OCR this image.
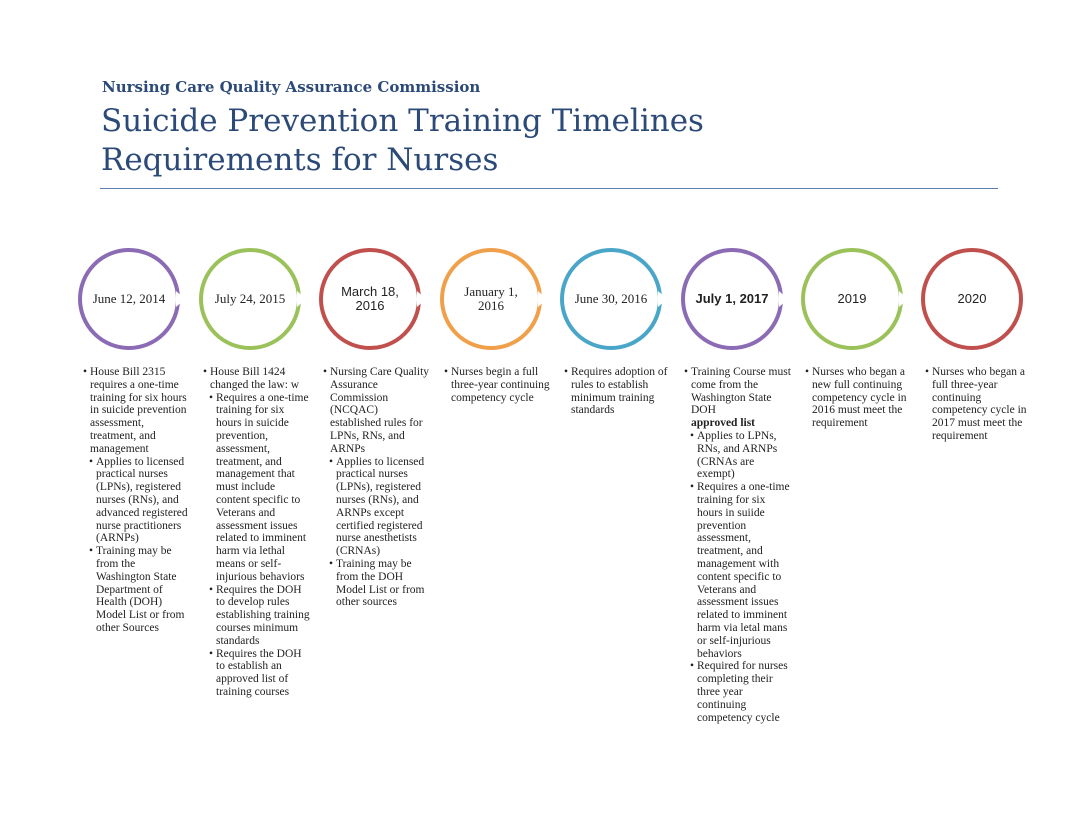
Nursing Care Quality Assurance Commission
Suicide Prevention Training Timelines
Requirements for Nurses
June 12, 2014
• House Bill 2315 requires a one-time training for six hours in suicide prevention assessment, treatment, and management
• Applies to licensed practical nurses (LPNs), registered nurses (RNs), and advanced registered nurse practitioners (ARNPs)
• Training may be from the Washington State Department of Health (DOH) Model List or from other Sources
July 24, 2015
• House Bill 1424 changed the law: w
• Requires a one-time training for six hours in suicide prevention, assessment, treatment, and management that must include content specific to Veterans and assessment issues related to imminent harm via lethal means or self-injurious behaviors
• Requires the DOH to develop rules establishing training courses minimum standards
• Requires the DOH to establish an approved list of training courses
March 18, 2016
• Nursing Care Quality Assurance Commission (NCQAC) established rules for LPNs, RNs, and ARNPs
• Applies to licensed practical nurses (LPNs), registered nurses (RNs), and ARNPs except certified registered nurse anesthetists (CRNAs)
• Training may be from the DOH Model List or from other sources
January 1, 2016
• Nurses begin a full three-year continuing competency cycle
June 30, 2016
• Requires adoption of rules to establish minimum training standards
July 1, 2017
• Training Course must come from the Washington State DOH
approved list
• Applies to LPNs, RNs, and ARNPs (CRNAs are exempt)
• Requires a one-time training for six hours in suiide prevention assessment, treatment, and management with content specific to Veterans and assessment issues related to imminent harm via letal mans or self-injurious behaviors
• Required for nurses completing their three year continuing competency cycle
2019
• Nurses who began a new full continuing competency cycle in 2016 must meet the requirement
2020
• Nurses who began a full three-year continuing competency cycle in 2017 must meet the requirement
